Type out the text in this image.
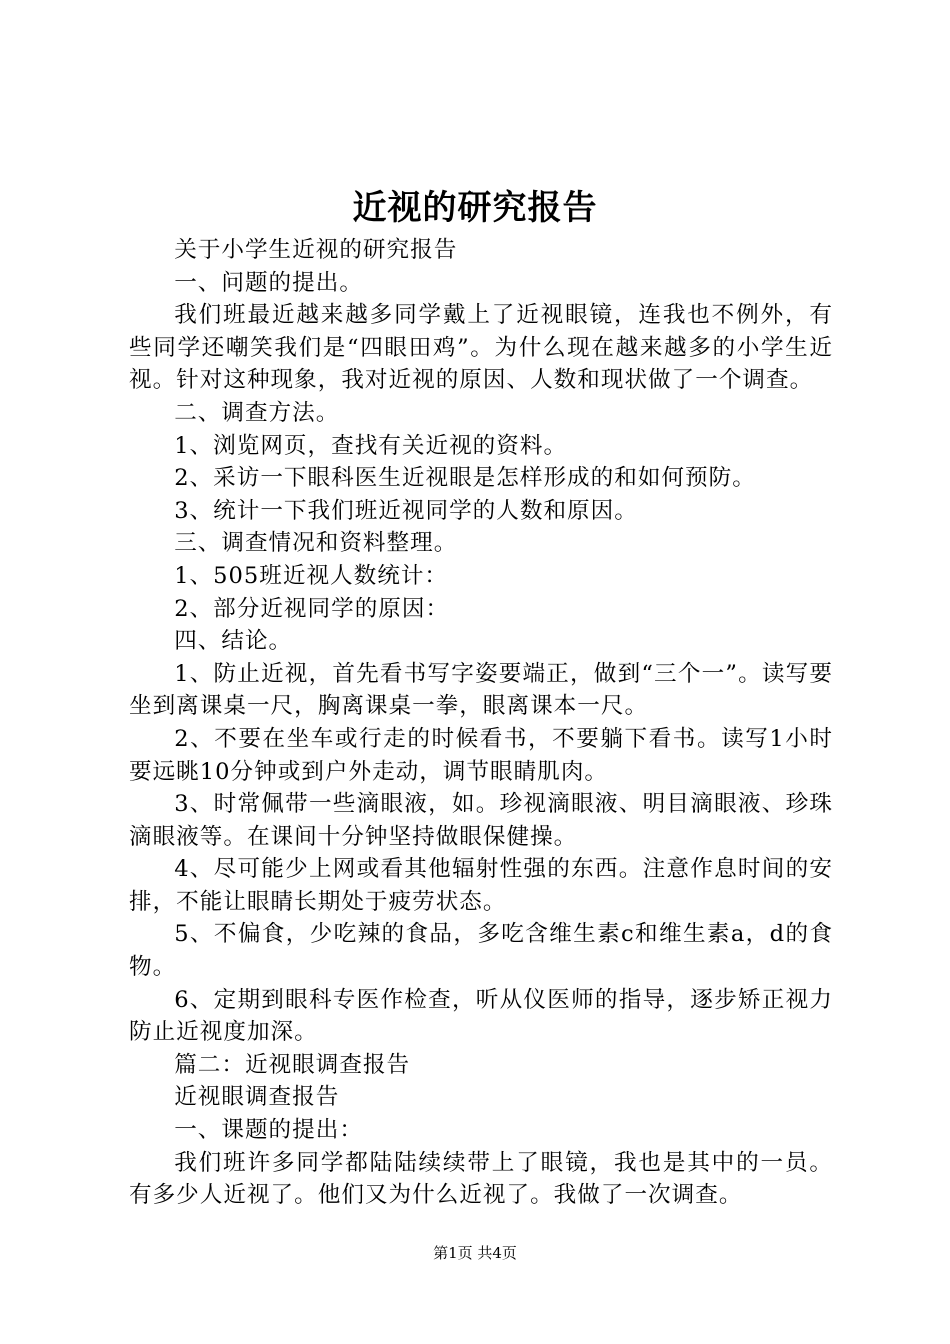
近视的研究报告

关于小学生近视的研究报告

一、问题的提出。

我们班最近越来越多同学戴上了近视眼镜，连我也不例外，有些同学还嘲笑我们是“四眼田鸡”。为什么现在越来越多的小学生近视。针对这种现象，我对近视的原因、人数和现状做了一个调查。

二、调查方法。

1、浏览网页，查找有关近视的资料。

2、采访一下眼科医生近视眼是怎样形成的和如何预防。

3、统计一下我们班近视同学的人数和原因。

三、调查情况和资料整理。

1、505班近视人数统计：

2、部分近视同学的原因：

四、结论。

1、防止近视，首先看书写字姿要端正，做到“三个一”。读写要坐到离课桌一尺，胸离课桌一拳，眼离课本一尺。

2、不要在坐车或行走的时候看书，不要躺下看书。读写1小时要远眺10分钟或到户外走动，调节眼睛肌肉。

3、时常佩带一些滴眼液，如。珍视滴眼液、明目滴眼液、珍珠滴眼液等。在课间十分钟坚持做眼保健操。

4、尽可能少上网或看其他辐射性强的东西。注意作息时间的安排，不能让眼睛长期处于疲劳状态。

5、不偏食，少吃辣的食品，多吃含维生素c和维生素a，d的食物。

6、定期到眼科专医作检查，听从仪医师的指导，逐步矫正视力防止近视度加深。

篇二：近视眼调查报告

近视眼调查报告

一、课题的提出：

我们班许多同学都陆陆续续带上了眼镜，我也是其中的一员。有多少人近视了。他们又为什么近视了。我做了一次调查。

第1页 共4页
